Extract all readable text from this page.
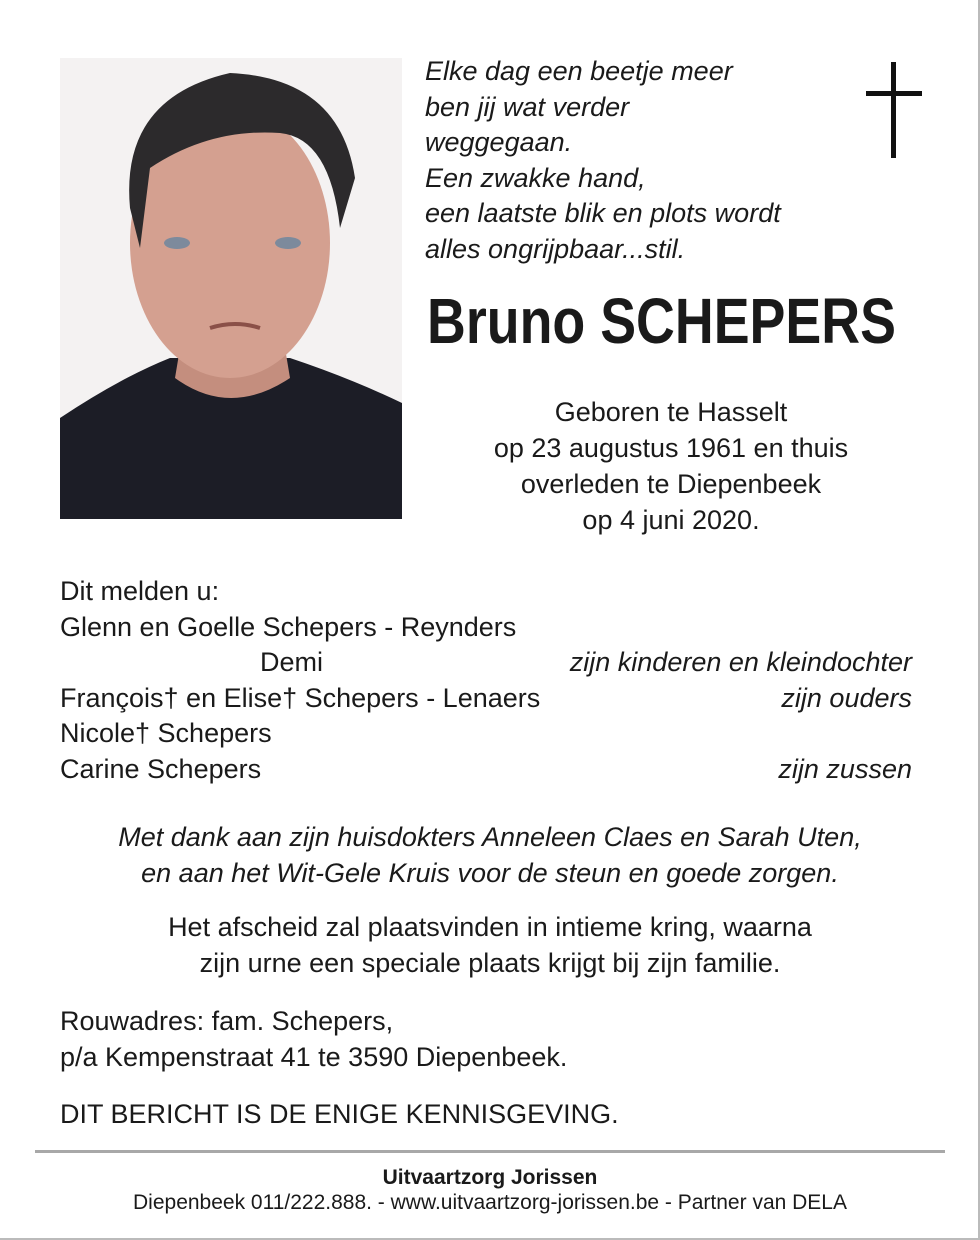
Elke dag een beetje meer
ben jij wat verder
weggegaan.
Een zwakke hand,
een laatste blik en plots wordt
alles ongrijpbaar...stil.
Bruno SCHEPERS
Geboren te Hasselt
op 23 augustus 1961 en thuis
overleden te Diepenbeek
op 4 juni 2020.
Dit melden u:
Glenn en Goelle Schepers - Reynders
Demi	zijn kinderen en kleindochter
François† en Elise† Schepers - Lenaers	zijn ouders
Nicole† Schepers
Carine Schepers	zijn zussen
Met dank aan zijn huisdokters Anneleen Claes en Sarah Uten,
en aan het Wit-Gele Kruis voor de steun en goede zorgen.
Het afscheid zal plaatsvinden in intieme kring, waarna
zijn urne een speciale plaats krijgt bij zijn familie.
Rouwadres: fam. Schepers,
p/a Kempenstraat 41 te 3590 Diepenbeek.
DIT BERICHT IS DE ENIGE KENNISGEVING.
Uitvaartzorg Jorissen
Diepenbeek 011/222.888. - www.uitvaartzorg-jorissen.be - Partner van DELA
